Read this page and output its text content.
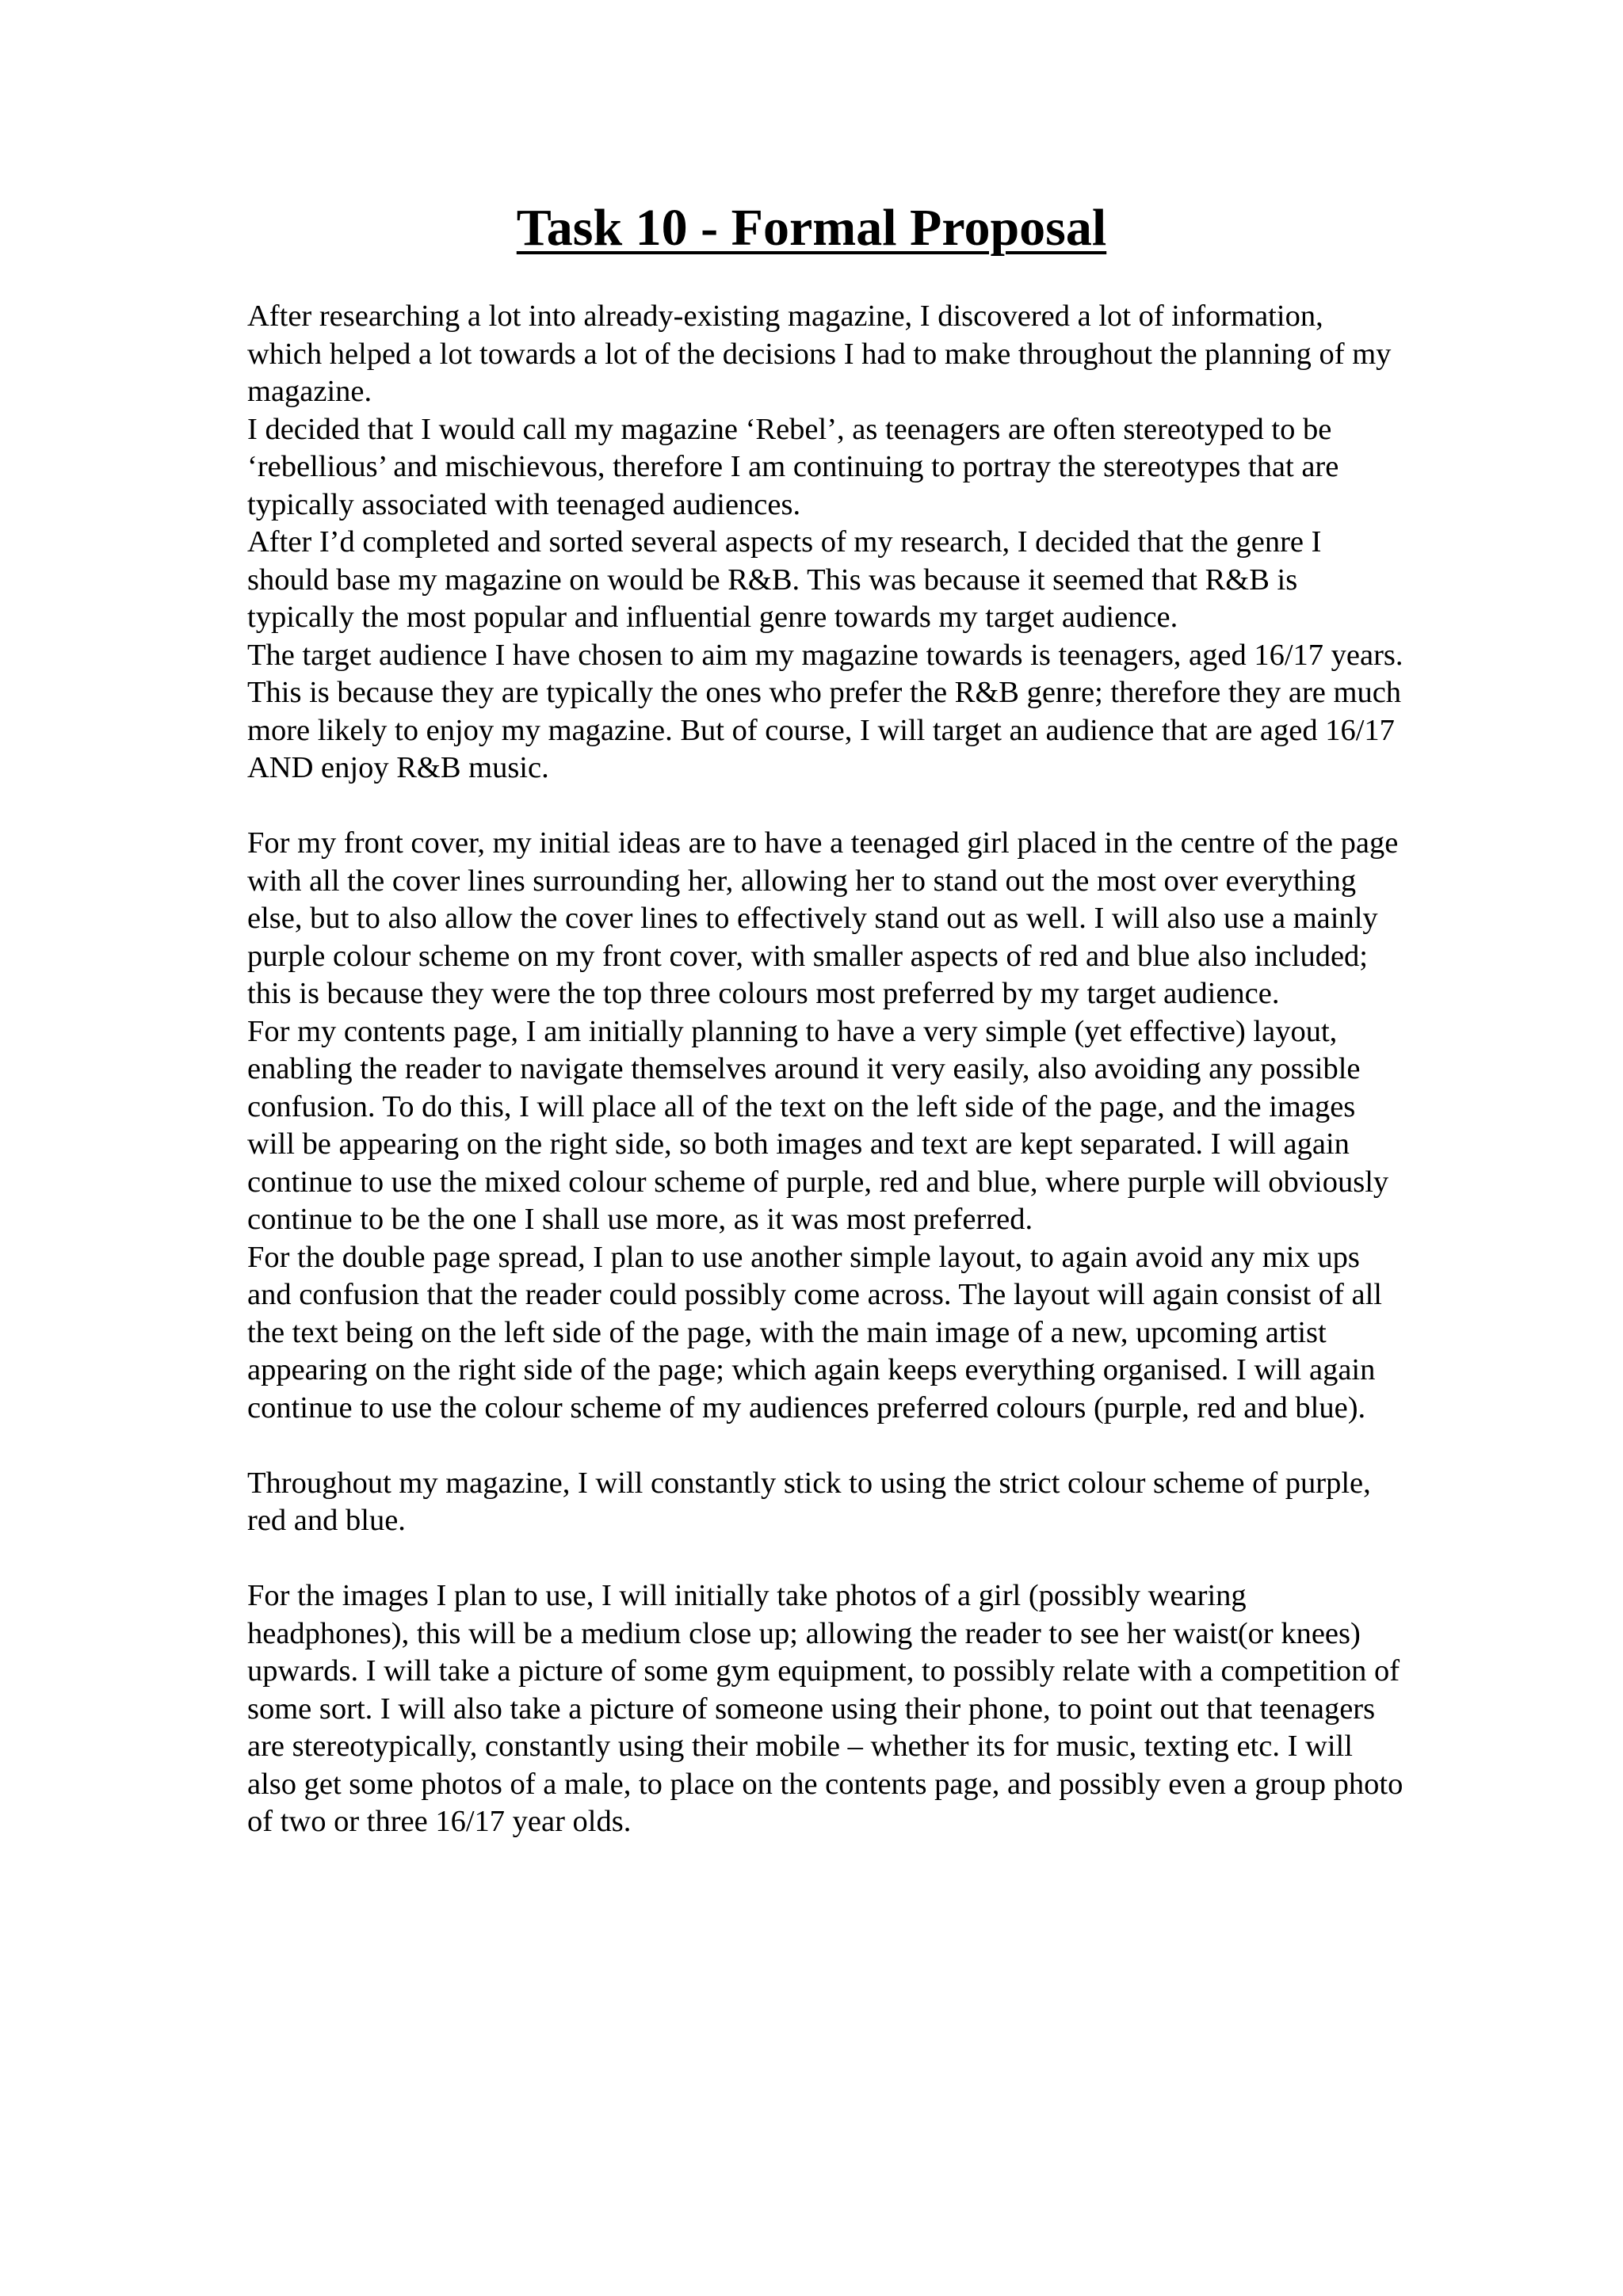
Task 10 - Formal Proposal

After researching a lot into already-existing magazine, I discovered a lot of information, which helped a lot towards a lot of the decisions I had to make throughout the planning of my magazine.

I decided that I would call my magazine ‘Rebel’, as teenagers are often stereotyped to be ‘rebellious’ and mischievous, therefore I am continuing to portray the stereotypes that are typically associated with teenaged audiences.

After I’d completed and sorted several aspects of my research, I decided that the genre I should base my magazine on would be R&B. This was because it seemed that R&B is typically the most popular and influential genre towards my target audience.

The target audience I have chosen to aim my magazine towards is teenagers, aged 16/17 years. This is because they are typically the ones who prefer the R&B genre; therefore they are much more likely to enjoy my magazine. But of course, I will target an audience that are aged 16/17 AND enjoy R&B music.

For my front cover, my initial ideas are to have a teenaged girl placed in the centre of the page with all the cover lines surrounding her, allowing her to stand out the most over everything else, but to also allow the cover lines to effectively stand out as well. I will also use a mainly purple colour scheme on my front cover, with smaller aspects of red and blue also included; this is because they were the top three colours most preferred by my target audience.

For my contents page, I am initially planning to have a very simple (yet effective) layout, enabling the reader to navigate themselves around it very easily, also avoiding any possible confusion. To do this, I will place all of the text on the left side of the page, and the images will be appearing on the right side, so both images and text are kept separated. I will again continue to use the mixed colour scheme of purple, red and blue, where purple will obviously continue to be the one I shall use more, as it was most preferred.

For the double page spread, I plan to use another simple layout, to again avoid any mix ups and confusion that the reader could possibly come across. The layout will again consist of all the text being on the left side of the page, with the main image of a new, upcoming artist appearing on the right side of the page; which again keeps everything organised. I will again continue to use the colour scheme of my audiences preferred colours (purple, red and blue).

Throughout my magazine, I will constantly stick to using the strict colour scheme of purple, red and blue.

For the images I plan to use, I will initially take photos of a girl (possibly wearing headphones), this will be a medium close up; allowing the reader to see her waist(or knees) upwards. I will take a picture of some gym equipment, to possibly relate with a competition of some sort. I will also take a picture of someone using their phone, to point out that teenagers are stereotypically, constantly using their mobile – whether its for music, texting etc. I will also get some photos of a male, to place on the contents page, and possibly even a group photo of two or three 16/17 year olds.
